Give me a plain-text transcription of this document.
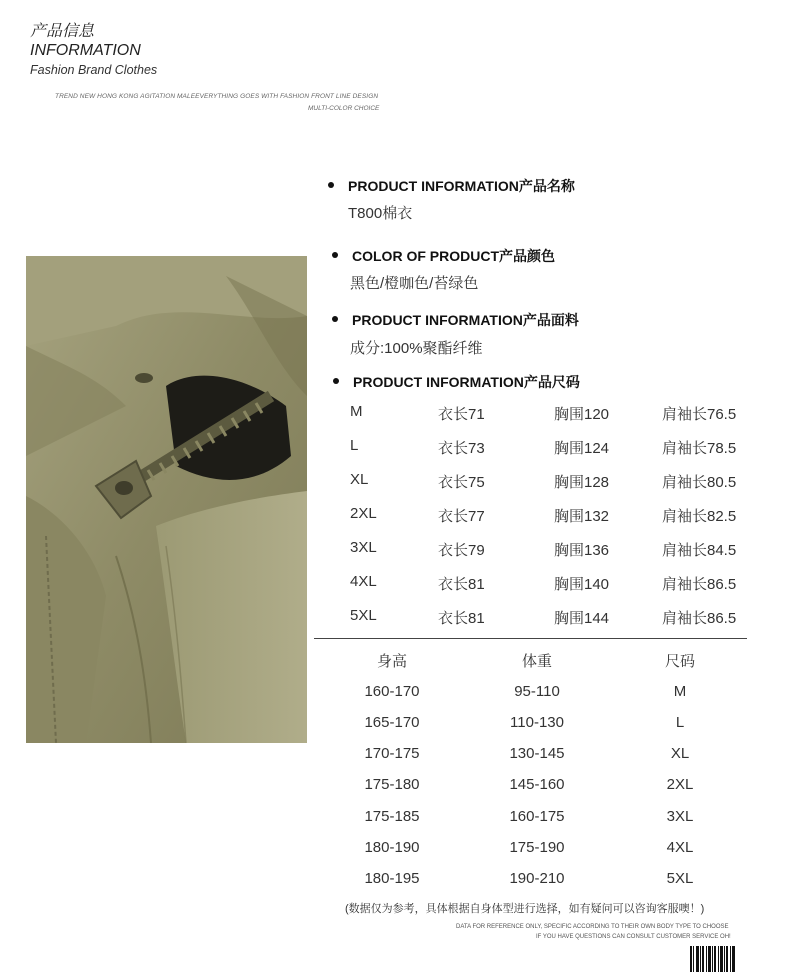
产品信息
INFORMATION
Fashion Brand Clothes
TREND NEW HONG KONG AGITATION MALEEVERYTHING GOES WITH FASHION FRONT LINE DESIGN
MULTI-COLOR CHOICE
PRODUCT INFORMATION产品名称
T800棉衣
COLOR OF PRODUCT产品颜色
黑色/橙咖色/苔绿色
PRODUCT INFORMATION产品面料
成分:100%聚酯纤维
PRODUCT INFORMATION产品尺码
M	衣长71	胸围120	肩袖长76.5
L	衣长73	胸围124	肩袖长78.5
XL	衣长75	胸围128	肩袖长80.5
2XL	衣长77	胸围132	肩袖长82.5
3XL	衣长79	胸围136	肩袖长84.5
4XL	衣长81	胸围140	肩袖长86.5
5XL	衣长81	胸围144	肩袖长86.5
身高	体重	尺码
160-170	95-110	M
165-170	110-130	L
170-175	130-145	XL
175-180	145-160	2XL
175-185	160-175	3XL
180-190	175-190	4XL
180-195	190-210	5XL
(数据仅为参考，具体根据自身体型进行选择，如有疑问可以咨询客服噢！)
DATA FOR REFERENCE ONLY, SPECIFIC ACCORDING TO THEIR OWN BODY TYPE TO CHOOSE
IF YOU HAVE QUESTIONS CAN CONSULT CUSTOMER SERVICE OH!
